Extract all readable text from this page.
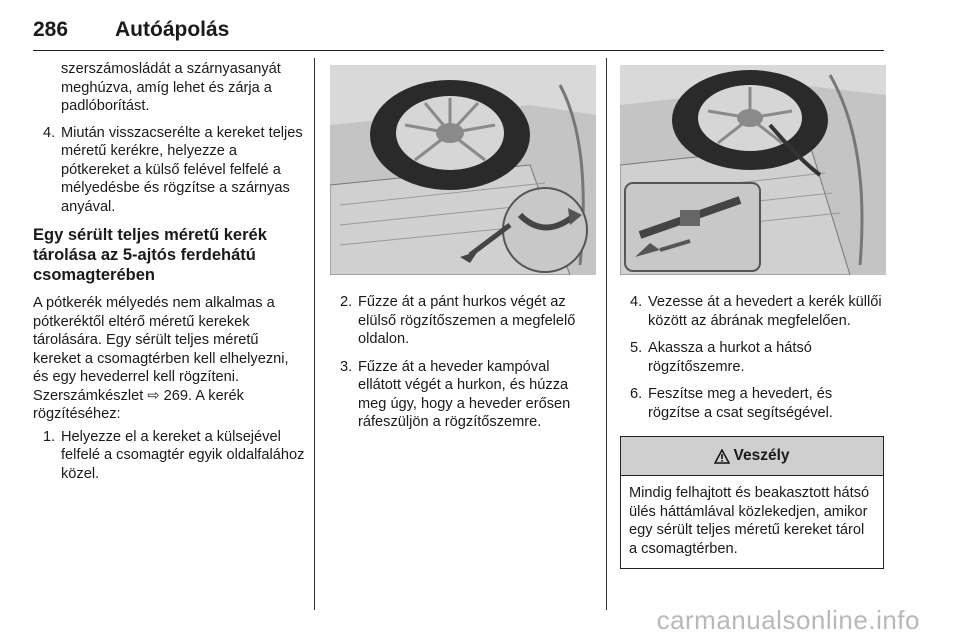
286 Autóápolás

szerszámosládát a szárnyasanyát meghúzva, amíg lehet és zárja a padlóborítást.

4. Miután visszacserélte a kereket teljes méretű kerékre, helyezze a pótkereket a külső felével felfelé a mélyedésbe és rögzítse a szárnyas anyával.
Egy sérült teljes méretű kerék tárolása az 5-ajtós ferdehátú csomagterében

A pótkerék mélyedés nem alkalmas a pótkeréktől eltérő méretű kerekek tárolására. Egy sérült teljes méretű kereket a csomagtérben kell elhelyezni, és egy hevederrel kell rögzíteni. Szerszámkészlet ⇨ 269. A kerék rögzítéséhez:

1. Helyezze el a kereket a külsejével felfelé a csomagtér egyik oldalfalához közel.
2. Fűzze át a pánt hurkos végét az elülső rögzítőszemen a megfelelő oldalon.
3. Fűzze át a heveder kampóval ellátott végét a hurkon, és húzza meg úgy, hogy a heveder erősen ráfeszüljön a rögzítőszemre.
4. Vezesse át a hevedert a kerék küllői között az ábrának megfelelően.
5. Akassza a hurkot a hátsó rögzítőszemre.
6. Feszítse meg a hevedert, és rögzítse a csat segítségével.
Veszély
Mindig felhajtott és beakasztott hátsó ülés háttámlával közlekedjen, amikor egy sérült teljes méretű kereket tárol a csomagtérben.
carmanualsonline.info
